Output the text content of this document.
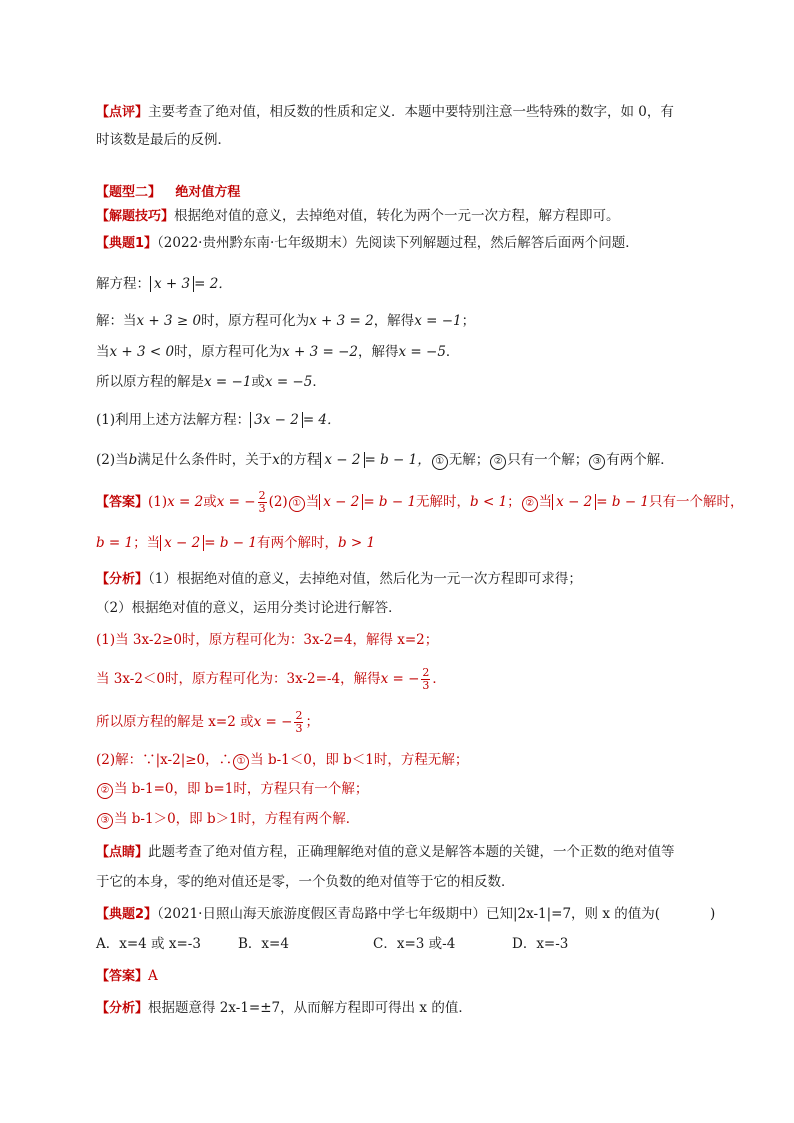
【点评】主要考查了绝对值，相反数的性质和定义．本题中要特别注意一些特殊的数字，如 0，有
时该数是最后的反例．
【题型二】 绝对值方程
【解题技巧】根据绝对值的意义，去掉绝对值，转化为两个一元一次方程，解方程即可。
【典题1】（2022·贵州黔东南·七年级期末）先阅读下列解题过程，然后解答后面两个问题．
解方程： x + 3 = 2．
解：当x + 3 ≥ 0时，原方程可化为x + 3 = 2，解得x = −1；
当x + 3 < 0时，原方程可化为x + 3 = −2，解得x = −5．
所以原方程的解是x = −1或x = −5．
(1)利用上述方法解方程： 3x − 2 = 4．
(2)当b满足什么条件时，关于x的方程 x − 2 = b − 1， ① 无解； ② 只有一个解； ③ 有两个解．
【答案】(1)x = 2或x = − $\frac{2}{3} (2)$ ① 当 x − 2 = b − 1无解时，b < 1； ② 当 x − 2 = b − 1只有一个解时，
b = 1；当 x − 2 = b − 1有两个解时，b > 1
【分析】（1）根据绝对值的意义，去掉绝对值，然后化为一元一次方程即可求得；
（2）根据绝对值的意义，运用分类讨论进行解答．
(1)当 3x-2≥0时，原方程可化为：3x-2=4，解得 x=2；
当 3x-2＜0时，原方程可化为：3x-2=-4，解得x = − $\frac{2}{3}$ ．
所以原方程的解是 x=2 或x = − $\frac{2}{3}$ ；
(2)解：∵|x-2|≥0，∴ ① 当 b-1＜0，即 b＜1时，方程无解；
② 当 b-1=0，即 b=1时，方程只有一个解；
③ 当 b-1＞0，即 b＞1时，方程有两个解．
【点睛】此题考查了绝对值方程，正确理解绝对值的意义是解答本题的关键，一个正数的绝对值等
于它的本身，零的绝对值还是零，一个负数的绝对值等于它的相反数．
【典题2】（2021·日照山海天旅游度假区青岛路中学七年级期中）已知|2x-1|=7，则 x 的值为(	)
A．x=4 或 x=-3	B．x=4	C．x=3 或-4	D．x=-3
【答案】A
【分析】根据题意得 2x-1=±7，从而解方程即可得出 x 的值．
